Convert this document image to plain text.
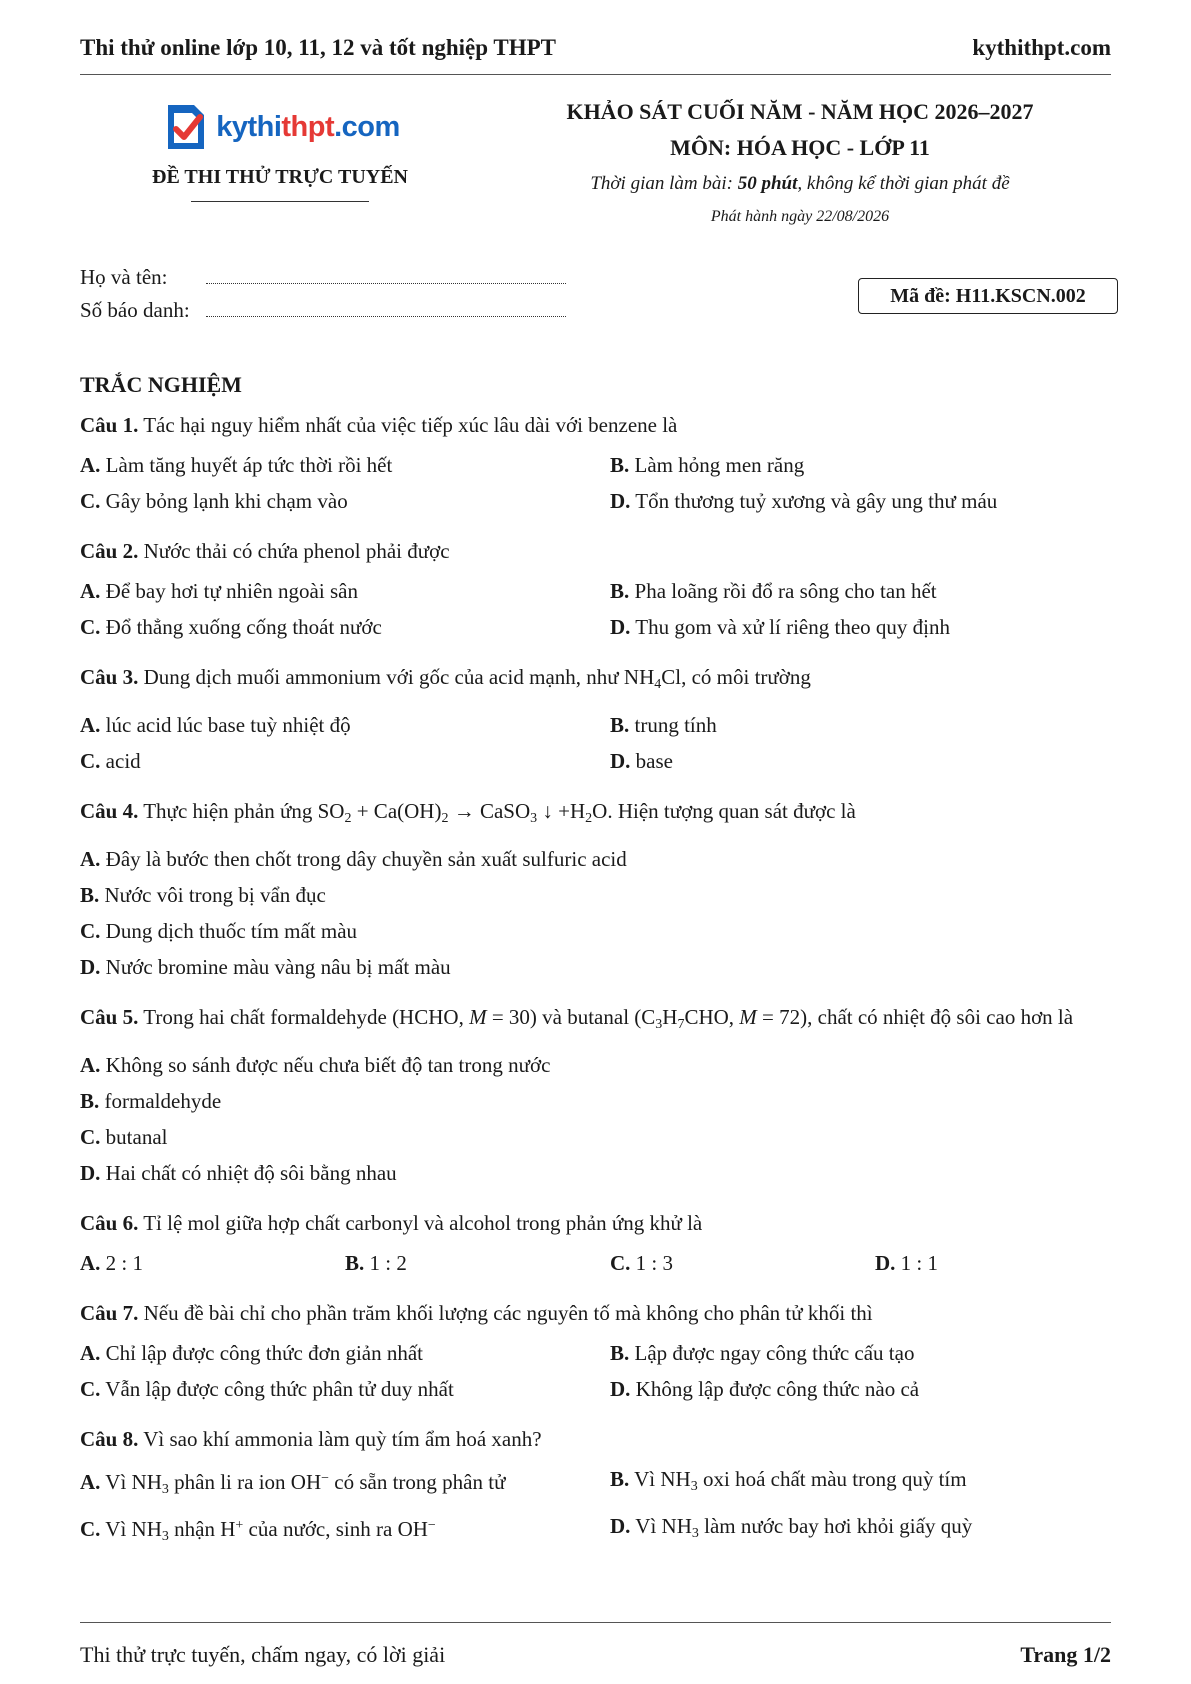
Thi thử online lớp 10, 11, 12 và tốt nghiệp THPT	kythithpt.com
kythithpt.com
ĐỀ THI THỬ TRỰC TUYẾN
KHẢO SÁT CUỐI NĂM - NĂM HỌC 2026–2027
MÔN: HÓA HỌC - LỚP 11
Thời gian làm bài: 50 phút, không kể thời gian phát đề
Phát hành ngày 22/08/2026
Họ và tên:
Số báo danh:
Mã đề: H11.KSCN.002
TRẮC NGHIỆM
Câu 1. Tác hại nguy hiểm nhất của việc tiếp xúc lâu dài với benzene là
A. Làm tăng huyết áp tức thời rồi hết	B. Làm hỏng men răng
C. Gây bỏng lạnh khi chạm vào	D. Tổn thương tuỷ xương và gây ung thư máu
Câu 2. Nước thải có chứa phenol phải được
A. Để bay hơi tự nhiên ngoài sân	B. Pha loãng rồi đổ ra sông cho tan hết
C. Đổ thẳng xuống cống thoát nước	D. Thu gom và xử lí riêng theo quy định
Câu 3. Dung dịch muối ammonium với gốc của acid mạnh, như $NH_4Cl$, có môi trường
A. lúc acid lúc base tuỳ nhiệt độ	B. trung tính
C. acid	D. base
Câu 4. Thực hiện phản ứng $SO_2 + Ca(OH)_2$ → CaSO$_3$ ↓ $+H_2O$. Hiện tượng quan sát được là
A. Đây là bước then chốt trong dây chuyền sản xuất sulfuric acid
B. Nước vôi trong bị vẩn đục
C. Dung dịch thuốc tím mất màu
D. Nước bromine màu vàng nâu bị mất màu
Câu 5. Trong hai chất formaldehyde (HCHO, M = 30) và butanal ($C_3H_7CHO$, M = 72), chất có nhiệt độ sôi cao hơn là
A. Không so sánh được nếu chưa biết độ tan trong nước
B. formaldehyde
C. butanal
D. Hai chất có nhiệt độ sôi bằng nhau
Câu 6. Tỉ lệ mol giữa hợp chất carbonyl và alcohol trong phản ứng khử là
A. 2 : 1	B. 1 : 2	C. 1 : 3	D. 1 : 1
Câu 7. Nếu đề bài chỉ cho phần trăm khối lượng các nguyên tố mà không cho phân tử khối thì
A. Chỉ lập được công thức đơn giản nhất	B. Lập được ngay công thức cấu tạo
C. Vẫn lập được công thức phân tử duy nhất	D. Không lập được công thức nào cả
Câu 8. Vì sao khí ammonia làm quỳ tím ẩm hoá xanh?
A. Vì $NH_3$ phân li ra ion OH− có sẵn trong phân tử	B. Vì $NH_3$ oxi hoá chất màu trong quỳ tím
C. Vì $NH_3$ nhận H+ của nước, sinh ra OH−	D. Vì $NH_3$ làm nước bay hơi khỏi giấy quỳ
Thi thử trực tuyến, chấm ngay, có lời giải	Trang 1/2
